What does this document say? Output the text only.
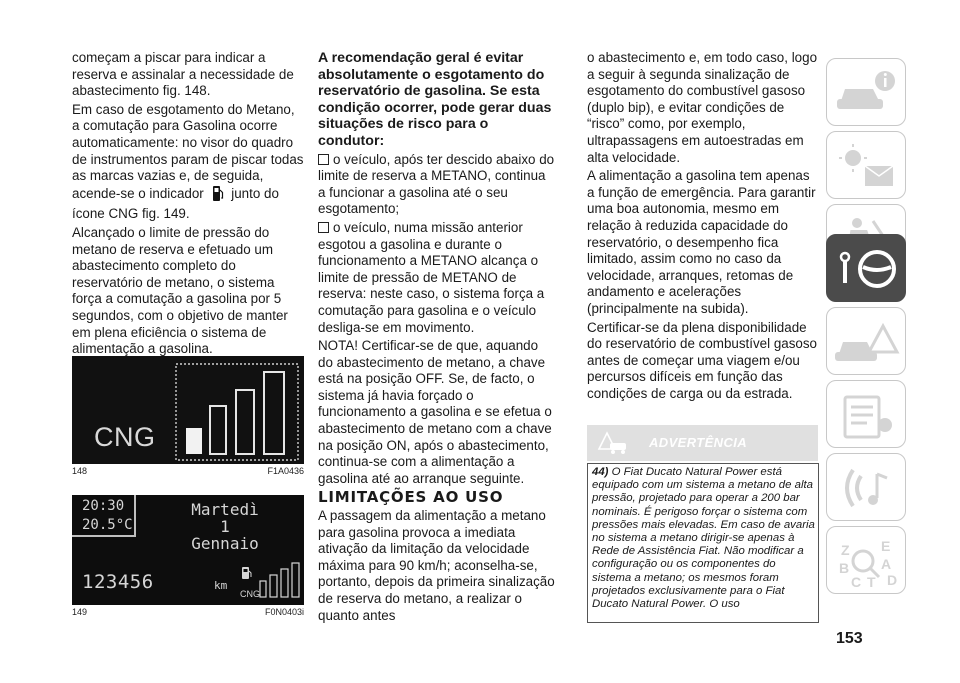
começam a piscar para indicar a reserva e assinalar a necessidade de abastecimento fig. 148.

Em caso de esgotamento do Metano, a comutação para Gasolina ocorre automaticamente: no visor do quadro de instrumentos param de piscar todas as marcas vazias e, de seguida, acende-se o indicador junto do ícone CNG fig. 149.

Alcançado o limite de pressão do metano de reserva e efetuado um abastecimento completo do reservatório de metano, o sistema força a comutação a gasolina por 5 segundos, com o objetivo de manter em plena eficiência o sistema de alimentação a gasolina.

CNG
148	F1A0436
20:30
20.5°C
Martedì
1
Gennaio
123456	km
CNG
149	F0N0403i

A recomendação geral é evitar absolutamente o esgotamento do reservatório de gasolina. Se esta condição ocorrer, pode gerar duas situações de risco para o condutor:

o veículo, após ter descido abaixo do limite de reserva a METANO, continua a funcionar a gasolina até o seu esgotamento;

o veículo, numa missão anterior esgotou a gasolina e durante o funcionamento a METANO alcança o limite de pressão de METANO de reserva: neste caso, o sistema força a comutação para gasolina e o veículo desliga-se em movimento.

NOTA! Certificar-se de que, aquando do abastecimento de metano, a chave está na posição OFF. Se, de facto, o sistema já havia forçado o funcionamento a gasolina e se efetua o abastecimento de metano com a chave na posição ON, após o abastecimento, continua-se com a alimentação a gasolina até ao arranque seguinte.

LIMITAÇÕES AO USO

A passagem da alimentação a metano para gasolina provoca a imediata ativação da limitação da velocidade máxima para 90 km/h; aconselha-se, portanto, depois da primeira sinalização de reserva do metano, a realizar o quanto antes

o abastecimento e, em todo caso, logo a seguir à segunda sinalização de esgotamento do combustível gasoso (duplo bip), e evitar condições de “risco” como, por exemplo, ultrapassagens em autoestradas em alta velocidade.

A alimentação a gasolina tem apenas a função de emergência. Para garantir uma boa autonomia, mesmo em relação à reduzida capacidade do reservatório, o desempenho fica limitado, assim como no caso da velocidade, arranques, retomas de andamento e acelerações (principalmente na subida).

Certificar-se da plena disponibilidade do reservatório de combustível gasoso antes de começar uma viagem e/ou percursos difíceis em função das condições de carga ou da estrada.

ADVERTÊNCIA
44) O Fiat Ducato Natural Power está equipado com um sistema a metano de alta pressão, projetado para operar a 200 bar nominais. É perigoso forçar o sistema com pressões mais elevadas. Em caso de avaria no sistema a metano dirigir-se apenas à Rede de Assistência Fiat. Não modificar a configuração ou os componentes do sistema a metano; os mesmos foram projetados exclusivamente para o Fiat Ducato Natural Power. O uso
Z E
A
B
C T D
153
